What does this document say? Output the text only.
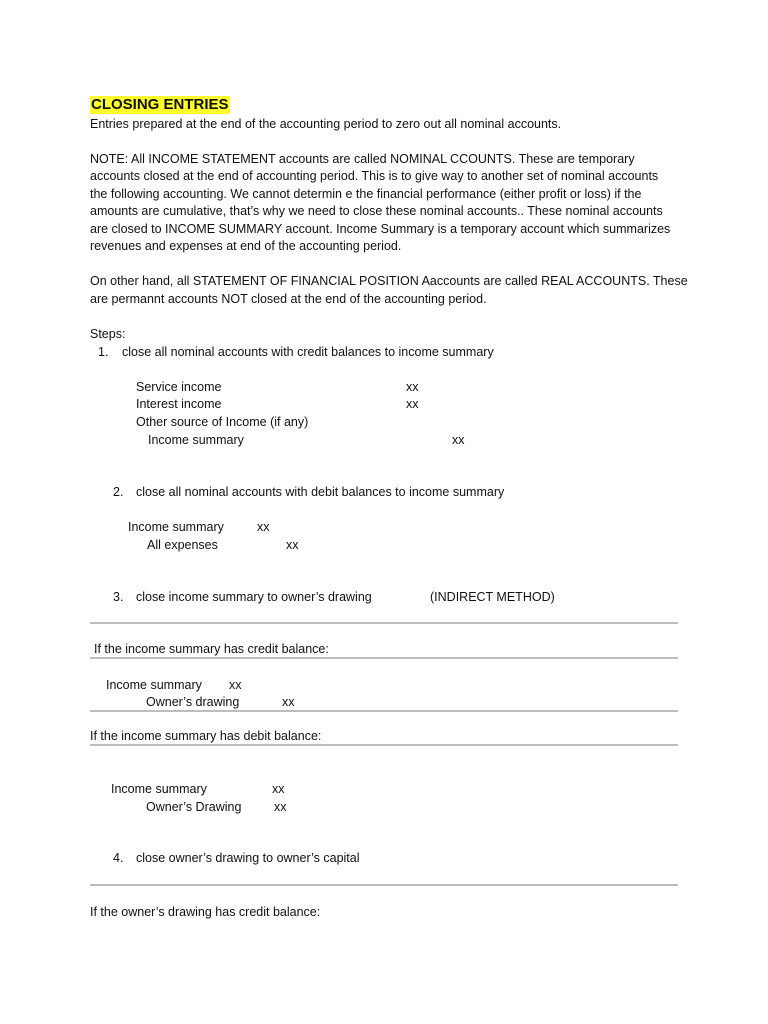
CLOSING ENTRIES
Entries prepared at the end of the accounting period to zero out all nominal accounts.
NOTE: All INCOME STATEMENT accounts are called NOMINAL CCOUNTS. These are temporary
accounts closed at the end of accounting period. This is to give way to another set of nominal accounts
the following accounting. We cannot determin e the financial performance (either profit or loss) if the
amounts are cumulative, that’s why we need to close these nominal accounts.. These nominal accounts
are closed to INCOME SUMMARY account. Income Summary is a temporary account which summarizes
revenues and expenses at end of the accounting period.
On other hand, all STATEMENT OF FINANCIAL POSITION Aaccounts are called REAL ACCOUNTS. These
are permannt accounts NOT closed at the end of the accounting period.
Steps:
1. close all nominal accounts with credit balances to income summary
Service income	xx
Interest income	xx
Other source of Income (if any)
Income summary	xx
2. close all nominal accounts with debit balances to income summary
Income summary	xx
All expenses	xx
3. close income summary to owner’s drawing	(INDIRECT METHOD)
If the income summary has credit balance:
Income summary xx
Owner’s drawing	xx
If the income summary has debit balance:
Income summary	xx
Owner’s Drawing	xx
4. close owner’s drawing to owner’s capital
If the owner’s drawing has credit balance:
